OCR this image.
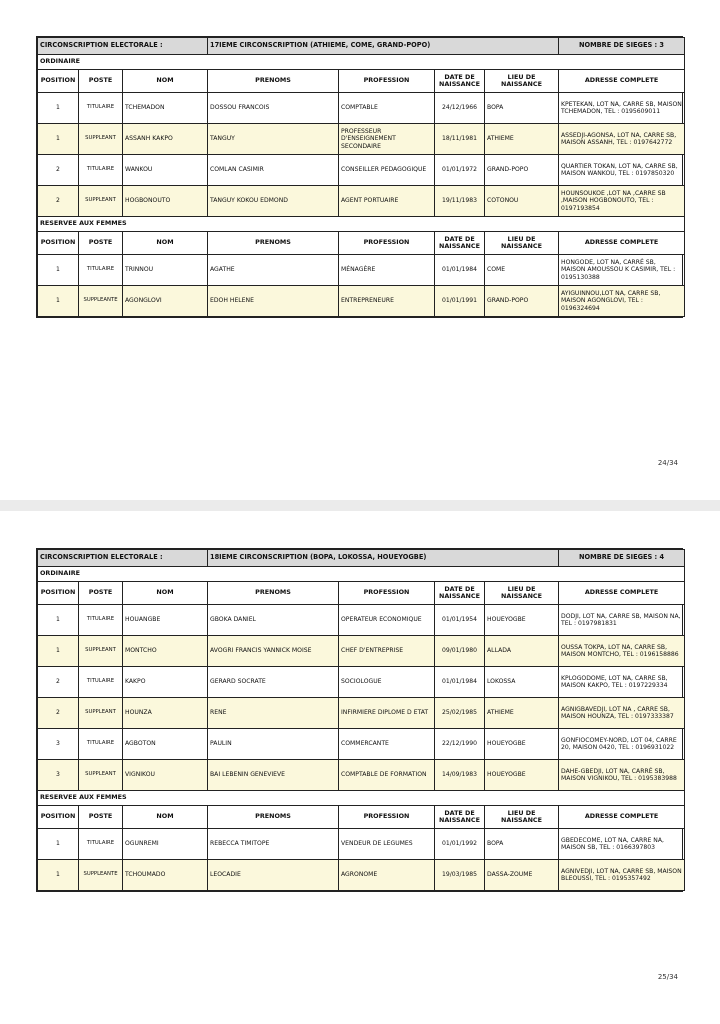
CIRCONSCRIPTION ELECTORALE :			17IEME CIRCONSCRIPTION (ATHIEME, COME, GRAND-POPO)				NOMBRE DE SIEGES : 3
ORDINAIRE							
POSITION	POSTE	NOM	PRENOMS	PROFESSION	DATE DE NAISSANCE	LIEU DE NAISSANCE	ADRESSE COMPLETE
1	TITULAIRE	TCHEMADON	DOSSOU FRANCOIS	COMPTABLE	24/12/1966	BOPA	KPETEKAN, LOT NA, CARRE SB, MAISON TCHEMADON, TEL : 0195609011
1	SUPPLEANT	ASSANH KAKPO	TANGUY	PROFESSEUR D'ENSEIGNEMENT SECONDAIRE	18/11/1981	ATHIEME	ASSEDJI-AGONSA, LOT NA, CARRE SB, MAISON ASSANH, TEL : 0197642772
2	TITULAIRE	WANKOU	COMLAN CASIMIR	CONSEILLER PEDAGOGIQUE	01/01/1972	GRAND-POPO	QUARTIER TOKAN, LOT NA, CARRE SB, MAISON WANKOU, TEL : 0197850320
2	SUPPLEANT	HOGBONOUTO	TANGUY KOKOU EDMOND	AGENT PORTUAIRE	19/11/1983	COTONOU	HOUNSOUKOE ,LOT NA ,CARRE SB ,MAISON HOGBONOUTO, TEL : 0197193854
RESERVEE AUX FEMMES							
POSITION	POSTE	NOM	PRENOMS	PROFESSION	DATE DE NAISSANCE	LIEU DE NAISSANCE	ADRESSE COMPLETE
1	TITULAIRE	TRINNOU	AGATHE	MÉNAGÈRE	01/01/1984	COME	HONGODE, LOT NA, CARRÉ SB, MAISON AMOUSSOU K CASIMIR, TEL : 0195130388
1	SUPPLEANTE	AGONGLOVI	EDOH HELENE	ENTREPRENEURE	01/01/1991	GRAND-POPO	AYIGUINNOU,LOT NA, CARRE SB, MAISON AGONGLOVI, TEL : 0196324694
24/34
CIRCONSCRIPTION ELECTORALE :			18IEME CIRCONSCRIPTION (BOPA, LOKOSSA, HOUEYOGBE)				NOMBRE DE SIEGES : 4
ORDINAIRE							
POSITION	POSTE	NOM	PRENOMS	PROFESSION	DATE DE NAISSANCE	LIEU DE NAISSANCE	ADRESSE COMPLETE
1	TITULAIRE	HOUANGBE	GBOKA DANIEL	OPERATEUR ECONOMIQUE	01/01/1954	HOUEYOGBE	DODJI, LOT NA, CARRE SB, MAISON NA, TEL : 0197981831
1	SUPPLEANT	MONTCHO	AVOGRI FRANCIS YANNICK MOISE	CHEF D'ENTREPRISE	09/01/1980	ALLADA	OUSSA TOKPA, LOT NA, CARRE SB, MAISON MONTCHO, TEL : 0196158886
2	TITULAIRE	KAKPO	GERARD SOCRATE	SOCIOLOGUE	01/01/1984	LOKOSSA	KPLOGODOME, LOT NA, CARRE SB, MAISON KAKPO, TEL : 0197229334
2	SUPPLEANT	HOUNZA	RENE	INFIRMIERE DIPLOME D ETAT	25/02/1985	ATHIEME	AGNIGBAVEDJI, LOT NA , CARRE SB, MAISON HOUNZA, TEL : 0197333387
3	TITULAIRE	AGBOTON	PAULIN	COMMERCANTE	22/12/1990	HOUEYOGBE	GONFIOCOMEY-NORD, LOT 04, CARRE 20, MAISON 0420, TEL : 0196931022
3	SUPPLEANT	VIGNIKOU	BAI LEBENIN GENEVIEVE	COMPTABLE DE FORMATION	14/09/1983	HOUEYOGBE	DAHE-GBEDJI, LOT NA, CARRÉ SB, MAISON VIGNIKOU, TEL : 0195383988
RESERVEE AUX FEMMES							
POSITION	POSTE	NOM	PRENOMS	PROFESSION	DATE DE NAISSANCE	LIEU DE NAISSANCE	ADRESSE COMPLETE
1	TITULAIRE	OGUNREMI	REBECCA TIMITOPE	VENDEUR DE LEGUMES	01/01/1992	BOPA	GBEDECOME, LOT NA, CARRE NA, MAISON SB, TEL : 0166397803
1	SUPPLEANTE	TCHOUMADO	LEOCADIE	AGRONOME	19/03/1985	DASSA-ZOUME	AGNIVEDJI, LOT NA, CARRE SB, MAISON BLEOUSSI, TEL : 0195357492
25/34
